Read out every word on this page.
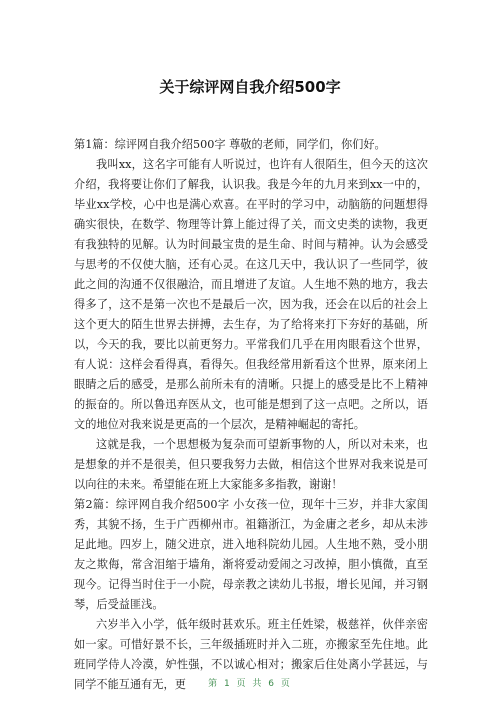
关于综评网自我介绍500字

第1篇：综评网自我介绍500字 尊敬的老师，同学们，你们好。

我叫xx，这名字可能有人听说过，也许有人很陌生，但今天的这次介绍，我将要让你们了解我，认识我。我是今年的九月来到xx一中的，毕业xx学校，心中也是满心欢喜。在平时的学习中，动脑筋的问题想得确实很快，在数学、物理等计算上能过得了关，而文史类的读物，我更有我独特的见解。认为时间最宝贵的是生命、时间与精神。认为会感受与思考的不仅使大脑，还有心灵。在这几天中，我认识了一些同学，彼此之间的沟通不仅很融洽，而且增进了友谊。人生地不熟的地方，我去得多了，这不是第一次也不是最后一次，因为我，还会在以后的社会上这个更大的陌生世界去拼搏，去生存，为了给将来打下夯好的基础，所以，今天的我，要比以前更努力。平常我们几乎在用肉眼看这个世界，有人说：这样会看得真，看得矢。但我经常用新看这个世界，原来闭上眼睛之后的感受，是那么前所未有的清晰。只提上的感受是比不上精神的振奋的。所以鲁迅弃医从文，也可能是想到了这一点吧。之所以，语文的地位对我来说是更高的一个层次，是精神崛起的寄托。

这就是我，一个思想极为复杂而可望新事物的人，所以对未来，也是想象的并不是很美，但只要我努力去做，相信这个世界对我来说是可以向往的未来。希望能在班上大家能多多指教，谢谢！

第2篇：综评网自我介绍500字 小女孩一位，现年十三岁，并非大家闺秀，其貌不扬，生于广西柳州市。祖籍浙江，为金庸之老乡，却从未涉足此地。四岁上，随父进京，进入地科院幼儿园。人生地不熟，受小朋友之欺侮，常含泪缩于墙角，渐将爱动爱闹之习改掉，胆小慎微，直至现今。记得当时住于一小院，母亲教之读幼儿书报，增长见闻，并习钢琴，后受益匪浅。

六岁半入小学，低年级时甚欢乐。班主任姓梁，极慈祥，伙伴亲密如一家。可惜好景不长，三年级插班时并入二班，亦搬家至先住地。此班同学侍人冷漠，妒性强，不以诚心相对；搬家后住处离小学甚远，与同学不能互通有无，更	第 1 页 共 6 页
